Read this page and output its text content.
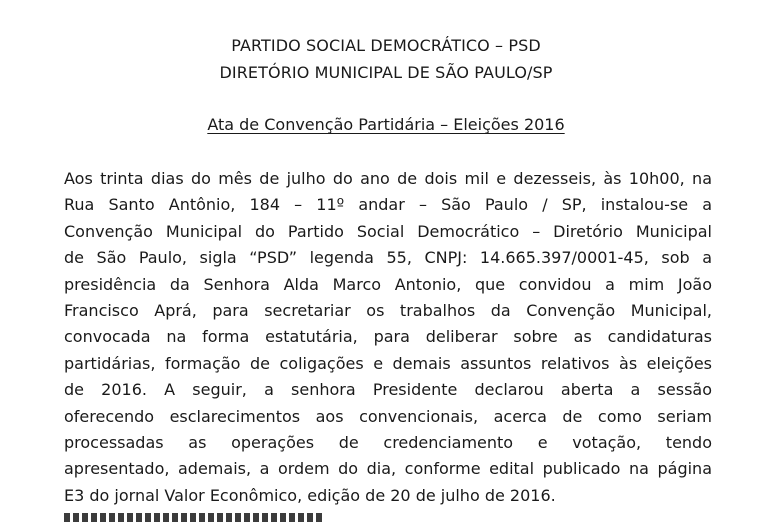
PARTIDO SOCIAL DEMOCRÁTICO – PSD
DIRETÓRIO MUNICIPAL DE SÃO PAULO/SP
Ata de Convenção Partidária – Eleições 2016
Aos trinta dias do mês de julho do ano de dois mil e dezesseis, às 10h00, na
Rua Santo Antônio, 184 – 11º andar – São Paulo / SP, instalou-se a
Convenção Municipal do Partido Social Democrático – Diretório Municipal
de São Paulo, sigla “PSD” legenda 55, CNPJ: 14.665.397/0001-45, sob a
presidência da Senhora Alda Marco Antonio, que convidou a mim João
Francisco Aprá, para secretariar os trabalhos da Convenção Municipal,
convocada na forma estatutária, para deliberar sobre as candidaturas
partidárias, formação de coligações e demais assuntos relativos às eleições
de 2016. A seguir, a senhora Presidente declarou aberta a sessão
oferecendo esclarecimentos aos convencionais, acerca de como seriam
processadas as operações de credenciamento e votação, tendo
apresentado, ademais, a ordem do dia, conforme edital publicado na página
E3 do jornal Valor Econômico, edição de 20 de julho de 2016.
